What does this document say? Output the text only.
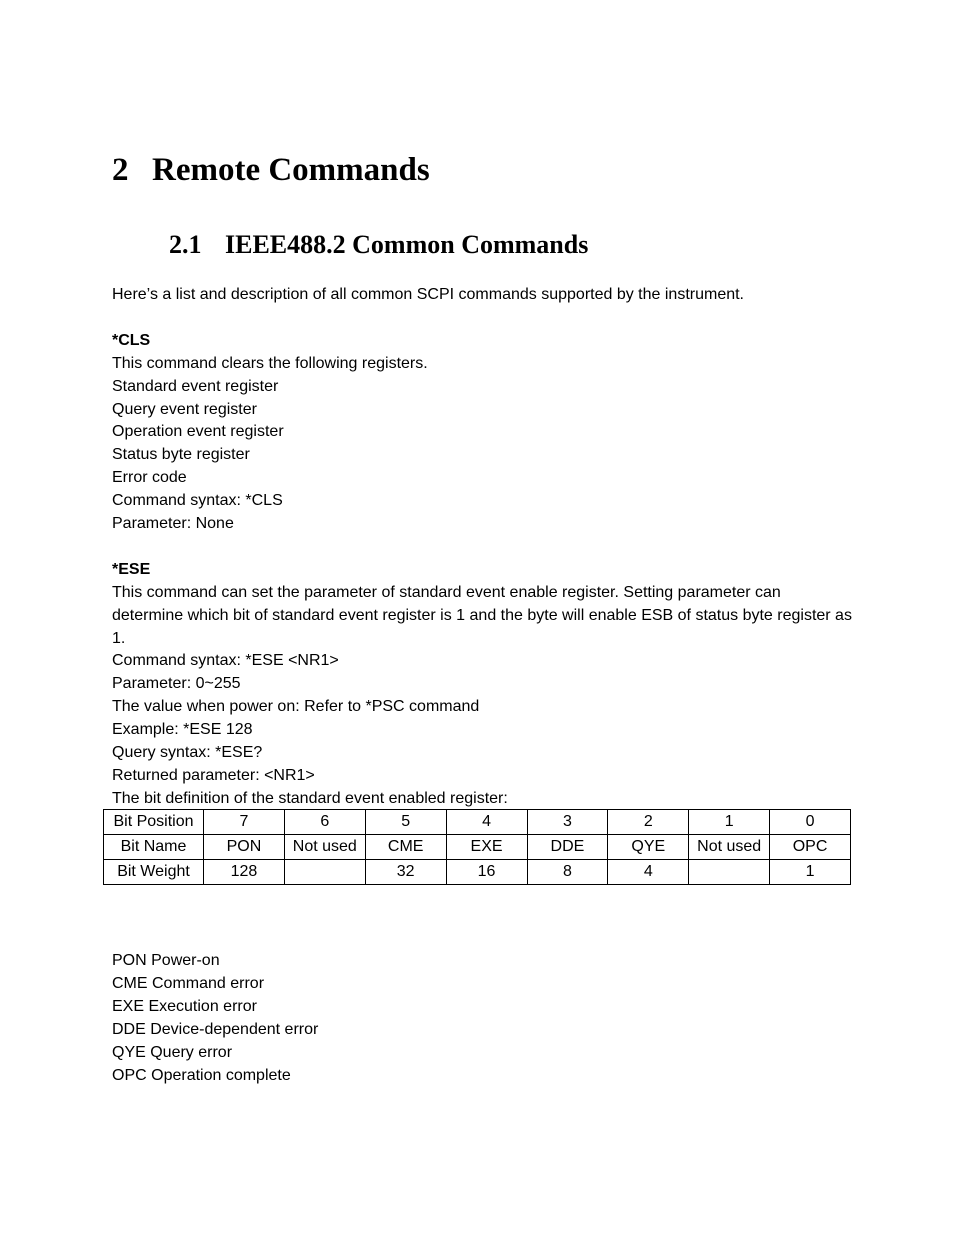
2 Remote Commands
2.1 IEEE488.2 Common Commands
Here’s a list and description of all common SCPI commands supported by the instrument.
*CLS
This command clears the following registers.
Standard event register
Query event register
Operation event register
Status byte register
Error code
Command syntax: *CLS
Parameter: None
*ESE
This command can set the parameter of standard event enable register. Setting parameter can determine which bit of standard event register is 1 and the byte will enable ESB of status byte register as 1.
Command syntax: *ESE <NR1>
Parameter: 0~255
The value when power on: Refer to *PSC command
Example: *ESE 128
Query syntax: *ESE?
Returned parameter: <NR1>
The bit definition of the standard event enabled register:
Bit Position	7	6	5	4	3	2	1	0
Bit Name	PON	Not used	CME	EXE	DDE	QYE	Not used	OPC
Bit Weight	128		32	16	8	4		1
PON Power-on
CME Command error
EXE Execution error
DDE Device-dependent error
QYE Query error
OPC Operation complete
